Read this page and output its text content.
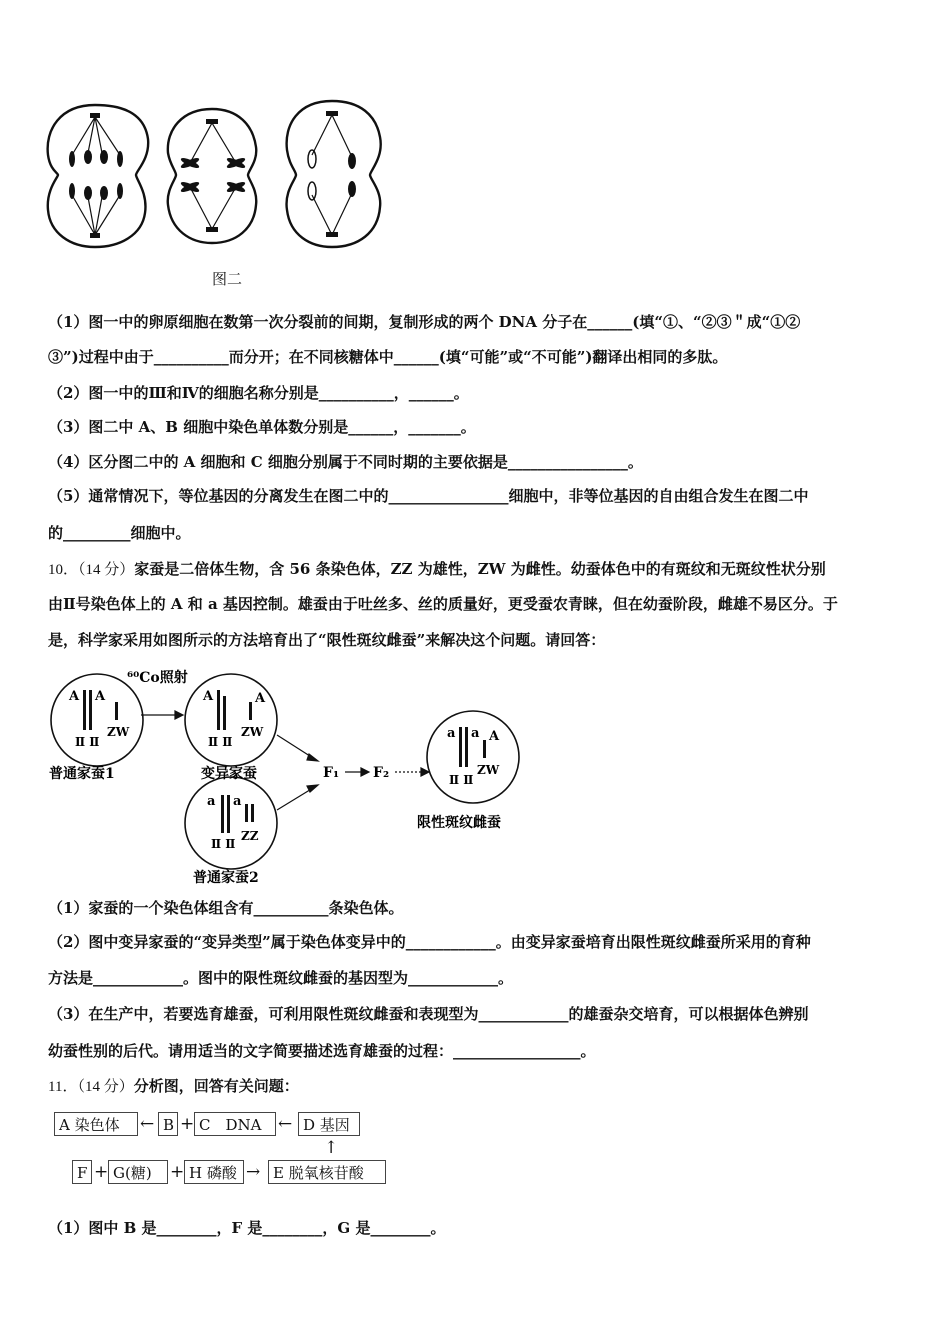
图二
（1）图一中的卵原细胞在数第一次分裂前的间期，复制形成的两个 DNA 分子在______(填“①、“②③＂成“①②
③”)过程中由于__________而分开；在不同核糖体中______(填“可能”或“不可能”)翻译出相同的多肽。
（2）图一中的Ⅲ和Ⅳ的细胞名称分别是__________，______。
（3）图二中 A、B 细胞中染色单体数分别是______，_______。
（4）区分图二中的 A 细胞和 C 细胞分别属于不同时期的主要依据是________________。
（5）通常情况下，等位基因的分离发生在图二中的________________细胞中，非等位基因的自由组合发生在图二中
的_________细胞中。
10．（14 分）家蚕是二倍体生物，含 56 条染色体，ZZ 为雄性，ZW 为雌性。幼蚕体色中的有斑纹和无斑纹性状分别
由Ⅱ号染色体上的 A 和 a 基因控制。雄蚕由于吐丝多、丝的质量好，更受蚕农青睐，但在幼蚕阶段，雌雄不易区分。于
是，科学家采用如图所示的方法培育出了“限性斑纹雌蚕”来解决这个问题。请回答：
⁶⁰Co照射
A A
Ⅱ Ⅱ
ZW
普通家蚕1
A	A
Ⅱ Ⅱ
ZW
变异家蚕
a a
Ⅱ Ⅱ
ZZ
普通家蚕2
F₁ F₂
a a A
Ⅱ Ⅱ
ZW
限性斑纹雌蚕
（1）家蚕的一个染色体组含有__________条染色体。
（2）图中变异家蚕的“变异类型”属于染色体变异中的____________。由变异家蚕培育出限性斑纹雌蚕所采用的育种
方法是____________。图中的限性斑纹雌蚕的基因型为____________。
（3）在生产中，若要选育雄蚕，可利用限性斑纹雌蚕和表现型为____________的雄蚕杂交培育，可以根据体色辨别
幼蚕性别的后代。请用适当的文字简要描述选育雄蚕的过程：_________________。
11．（14 分）分析图，回答有关问题：
A 染色体	← B + C　DNA ← D 基因
↑
F + G(糖)	+ H 磷酸 → E 脱氧核苷酸
（1）图中 B 是________，F 是________，G 是________。
